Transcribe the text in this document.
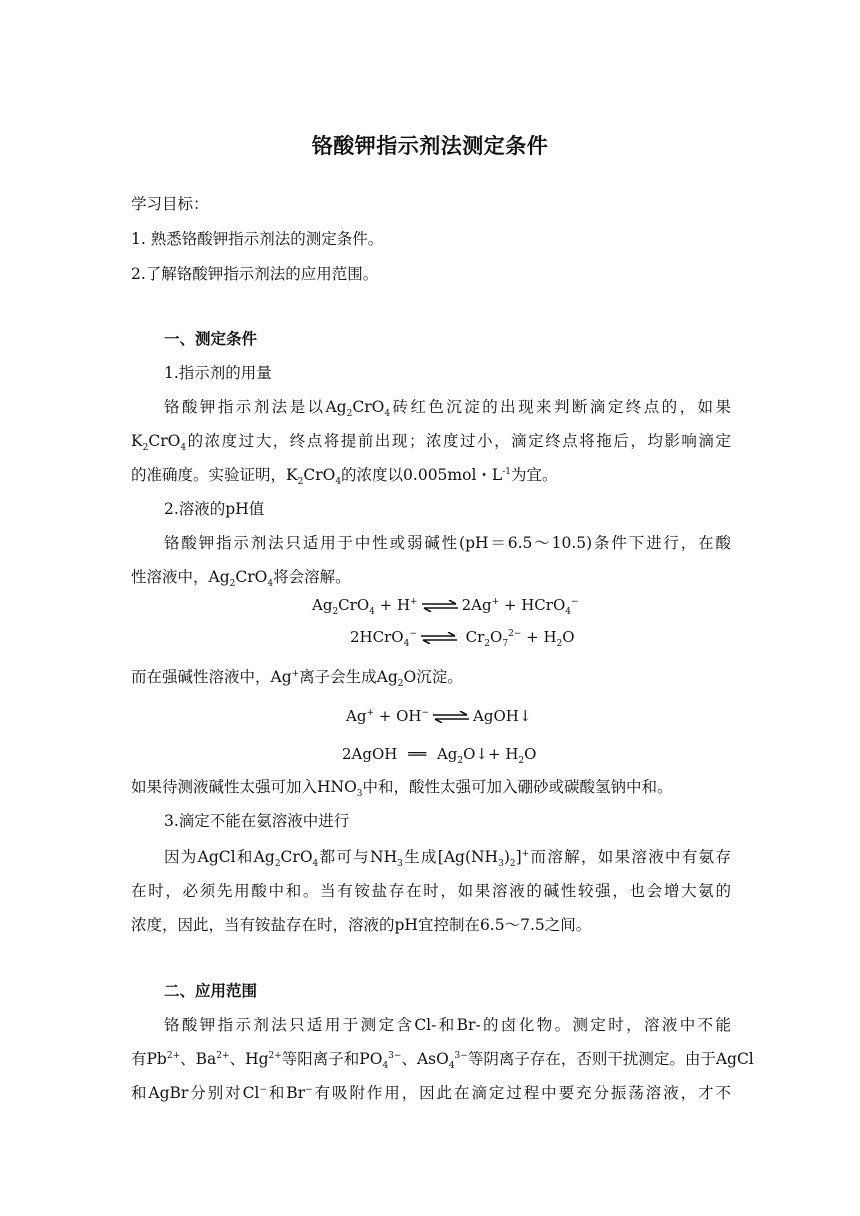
铬酸钾指示剂法测定条件
学习目标：
1. 熟悉铬酸钾指示剂法的测定条件。
2.了解铬酸钾指示剂法的应用范围。
一、测定条件
1.指示剂的用量
铬酸钾指示剂法是以$Ag_2CrO_4$砖红色沉淀的出现来判断滴定终点的，如果
$K_2CrO_4$的浓度过大，终点将提前出现；浓度过小，滴定终点将拖后，均影响滴定
的准确度。实验证明，$K_2CrO_4$的浓度以0.005mol・$L^{-1}$为宜。
2.溶液的pH值
铬酸钾指示剂法只适用于中性或弱碱性(pH＝6.5～10.5)条件下进行，在酸
性溶液中，$Ag_2CrO_4$将会溶解。
$Ag_2CrO_4 + H^+$ ⇌ 2Ag+ + HCrO$_4$−
2HCrO$_4$− ⇌ $Cr_2O_7^{2-} + H_2O$
而在强碱性溶液中，Ag+离子会生成$Ag_2O$沉淀。
Ag+ + OH− ⇌ AgOH↓
2AgOH ══ $Ag_2O↓+ H_2O$
如果待测液碱性太强可加入$HNO_3$中和，酸性太强可加入硼砂或碳酸氢钠中和。
3.滴定不能在氨溶液中进行
因为AgCl和$Ag_2CrO_4$都可与$NH_3$生成$[Ag(NH_3)_2]^+$而溶解，如果溶液中有氨存
在时，必须先用酸中和。当有铵盐存在时，如果溶液的碱性较强，也会增大氨的
浓度，因此，当有铵盐存在时，溶液的pH宜控制在6.5～7.5之间。
二、应用范围
铬酸钾指示剂法只适用于测定含Cl-和Br-的卤化物。测定时，溶液中不能
有$Pb^{2+}$、$Ba^{2+}$、$Hg^{2+}$等阳离子和$PO_4^{3-}$、AsO$_4^{3-}$等阴离子存在，否则干扰测定。由于AgCl
和AgBr分别对Cl−和Br−有吸附作用，因此在滴定过程中要充分振荡溶液，才不
